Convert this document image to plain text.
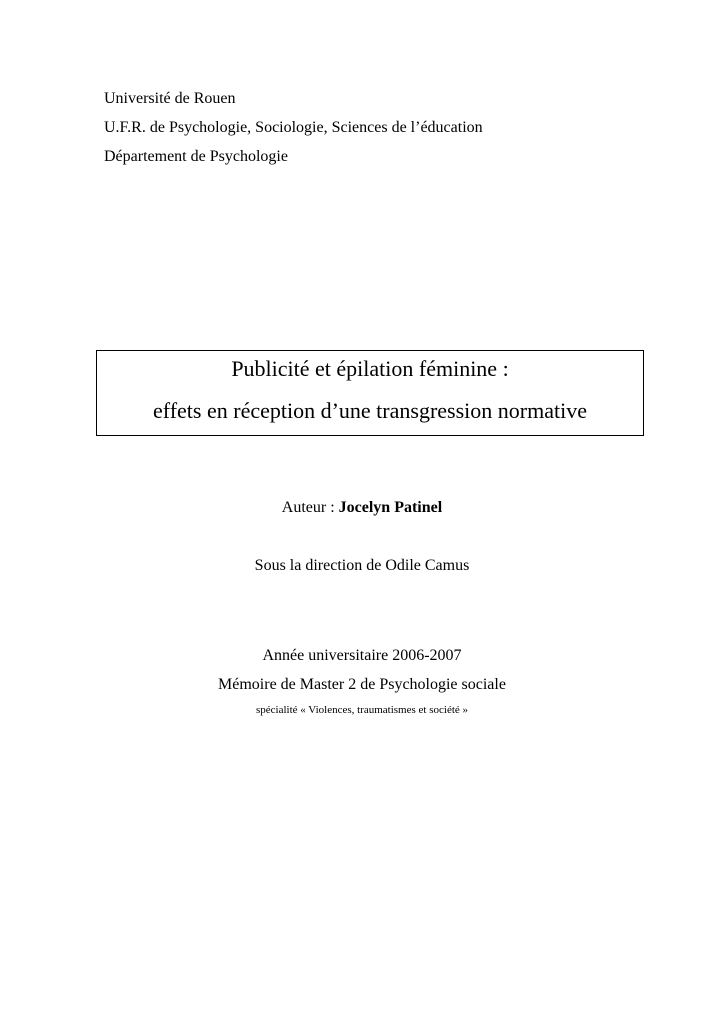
Université de Rouen
U.F.R. de Psychologie, Sociologie, Sciences de l’éducation
Département de Psychologie
Publicité et épilation féminine :
effets en réception d’une transgression normative
Auteur : Jocelyn Patinel
Sous la direction de Odile Camus
Année universitaire 2006-2007
Mémoire de Master 2 de Psychologie sociale
spécialité « Violences, traumatismes et société »
